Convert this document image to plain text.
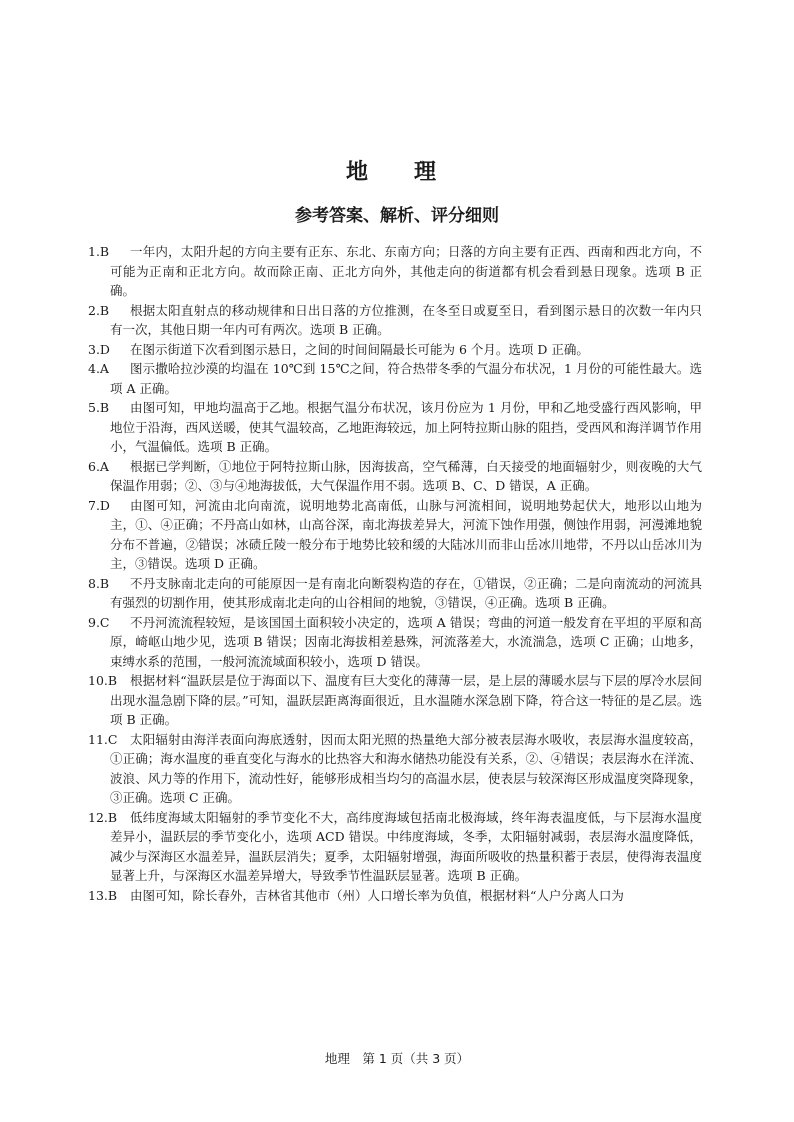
地　理
参考答案、解析、评分细则
1.B	一年内，太阳升起的方向主要有正东、东北、东南方向；日落的方向主要有正西、西南和西北方向，不可能为正南和正北方向。故而除正南、正北方向外，其他走向的街道都有机会看到悬日现象。选项 B 正确。
2.B	根据太阳直射点的移动规律和日出日落的方位推测，在冬至日或夏至日，看到图示悬日的次数一年内只有一次，其他日期一年内可有两次。选项 B 正确。
3.D	在图示街道下次看到图示悬日，之间的时间间隔最长可能为 6 个月。选项 D 正确。
4.A	图示撒哈拉沙漠的均温在 10℃到 15℃之间，符合热带冬季的气温分布状况，1 月份的可能性最大。选项 A 正确。
5.B	由图可知，甲地均温高于乙地。根据气温分布状况，该月份应为 1 月份，甲和乙地受盛行西风影响，甲地位于沿海，西风送暖，使其气温较高，乙地距海较远，加上阿特拉斯山脉的阻挡，受西风和海洋调节作用小，气温偏低。选项 B 正确。
6.A	根据已学判断，①地位于阿特拉斯山脉，因海拔高，空气稀薄，白天接受的地面辐射少，则夜晚的大气保温作用弱；②、③与④地海拔低，大气保温作用不弱。选项 B、C、D 错误，A 正确。
7.D	由图可知，河流由北向南流，说明地势北高南低，山脉与河流相间，说明地势起伏大，地形以山地为主，①、④正确；不丹高山如林，山高谷深，南北海拔差异大，河流下蚀作用强，侧蚀作用弱，河漫滩地貌分布不普遍，②错误；冰碛丘陵一般分布于地势比较和缓的大陆冰川而非山岳冰川地带，不丹以山岳冰川为主，③错误。选项 D 正确。
8.B	不丹支脉南北走向的可能原因一是有南北向断裂构造的存在，①错误，②正确；二是向南流动的河流具有强烈的切割作用，使其形成南北走向的山谷相间的地貌，③错误，④正确。选项 B 正确。
9.C	不丹河流流程较短，是该国国土面积较小决定的，选项 A 错误；弯曲的河道一般发育在平坦的平原和高原，崎岖山地少见，选项 B 错误；因南北海拔相差悬殊，河流落差大，水流湍急，选项 C 正确；山地多，束缚水系的范围，一般河流流域面积较小，选项 D 错误。
10.B	根据材料“温跃层是位于海面以下、温度有巨大变化的薄薄一层，是上层的薄暖水层与下层的厚冷水层间出现水温急剧下降的层。”可知，温跃层距离海面很近，且水温随水深急剧下降，符合这一特征的是乙层。选项 B 正确。
11.C	太阳辐射由海洋表面向海底透射，因而太阳光照的热量绝大部分被表层海水吸收，表层海水温度较高，①正确；海水温度的垂直变化与海水的比热容大和海水储热功能没有关系，②、④错误；表层海水在洋流、波浪、风力等的作用下，流动性好，能够形成相当均匀的高温水层，使表层与较深海区形成温度突降现象，③正确。选项 C 正确。
12.B	低纬度海域太阳辐射的季节变化不大，高纬度海域包括南北极海域，终年海表温度低，与下层海水温度差异小，温跃层的季节变化小，选项 ACD 错误。中纬度海域，冬季，太阳辐射减弱，表层海水温度降低，减少与深海区水温差异，温跃层消失；夏季，太阳辐射增强，海面所吸收的热量积蓄于表层，使得海表温度显著上升，与深海区水温差异增大，导致季节性温跃层显著。选项 B 正确。
13.B	由图可知，除长春外，吉林省其他市（州）人口增长率为负值，根据材料“人户分离人口为
地理　第 1 页（共 3 页）
